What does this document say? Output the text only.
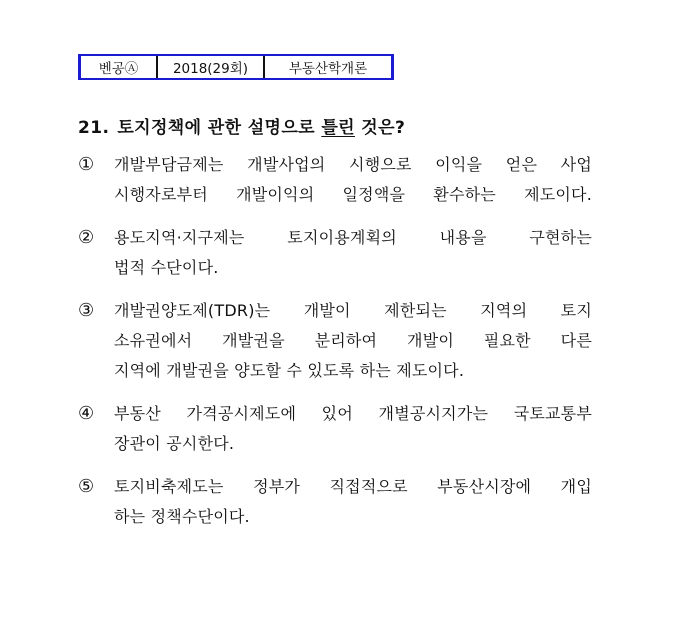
벤공Ⓐ	2018(29회)	부동산학개론
21. 토지정책에 관한 설명으로 틀린 것은?
①	개발부담금제는 개발사업의 시행으로 이익을 얻은 사업
시행자로부터 개발이익의 일정액을 환수하는 제도이다.
②	용도지역·지구제는 토지이용계획의 내용을 구현하는
법적 수단이다.
③	개발권양도제(TDR)는 개발이 제한되는 지역의 토지
소유권에서 개발권을 분리하여 개발이 필요한 다른
지역에 개발권을 양도할 수 있도록 하는 제도이다.
④	부동산 가격공시제도에 있어 개별공시지가는 국토교통부
장관이 공시한다.
⑤	토지비축제도는 정부가 직접적으로 부동산시장에 개입
하는 정책수단이다.
